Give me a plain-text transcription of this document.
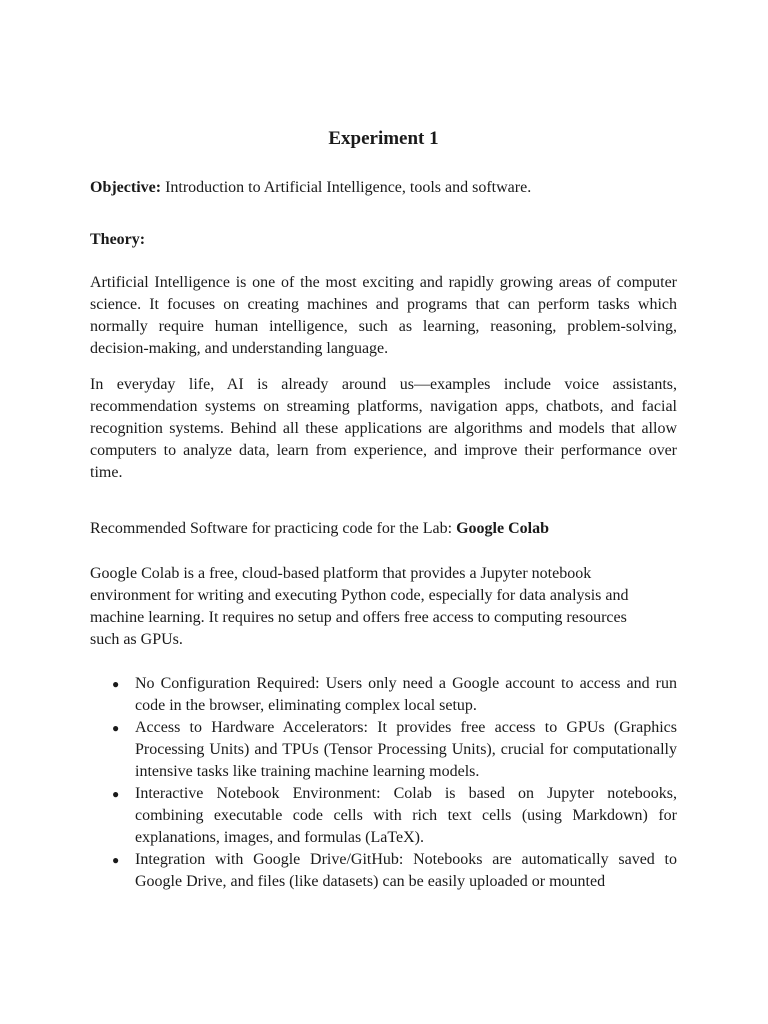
Experiment 1

Objective: Introduction to Artificial Intelligence, tools and software.

Theory:

Artificial Intelligence is one of the most exciting and rapidly growing areas of computer science. It focuses on creating machines and programs that can perform tasks which normally require human intelligence, such as learning, reasoning, problem-solving, decision-making, and understanding language.

In everyday life, AI is already around us—examples include voice assistants, recommendation systems on streaming platforms, navigation apps, chatbots, and facial recognition systems. Behind all these applications are algorithms and models that allow computers to analyze data, learn from experience, and improve their performance over time.

Recommended Software for practicing code for the Lab: Google Colab

Google Colab is a free, cloud-based platform that provides a Jupyter notebook environment for writing and executing Python code, especially for data analysis and machine learning. It requires no setup and offers free access to computing resources such as GPUs.

● No Configuration Required: Users only need a Google account to access and run code in the browser, eliminating complex local setup.
● Access to Hardware Accelerators: It provides free access to GPUs (Graphics Processing Units) and TPUs (Tensor Processing Units), crucial for computationally intensive tasks like training machine learning models.
● Interactive Notebook Environment: Colab is based on Jupyter notebooks, combining executable code cells with rich text cells (using Markdown) for explanations, images, and formulas (LaTeX).
● Integration with Google Drive/GitHub: Notebooks are automatically saved to Google Drive, and files (like datasets) can be easily uploaded or mounted
